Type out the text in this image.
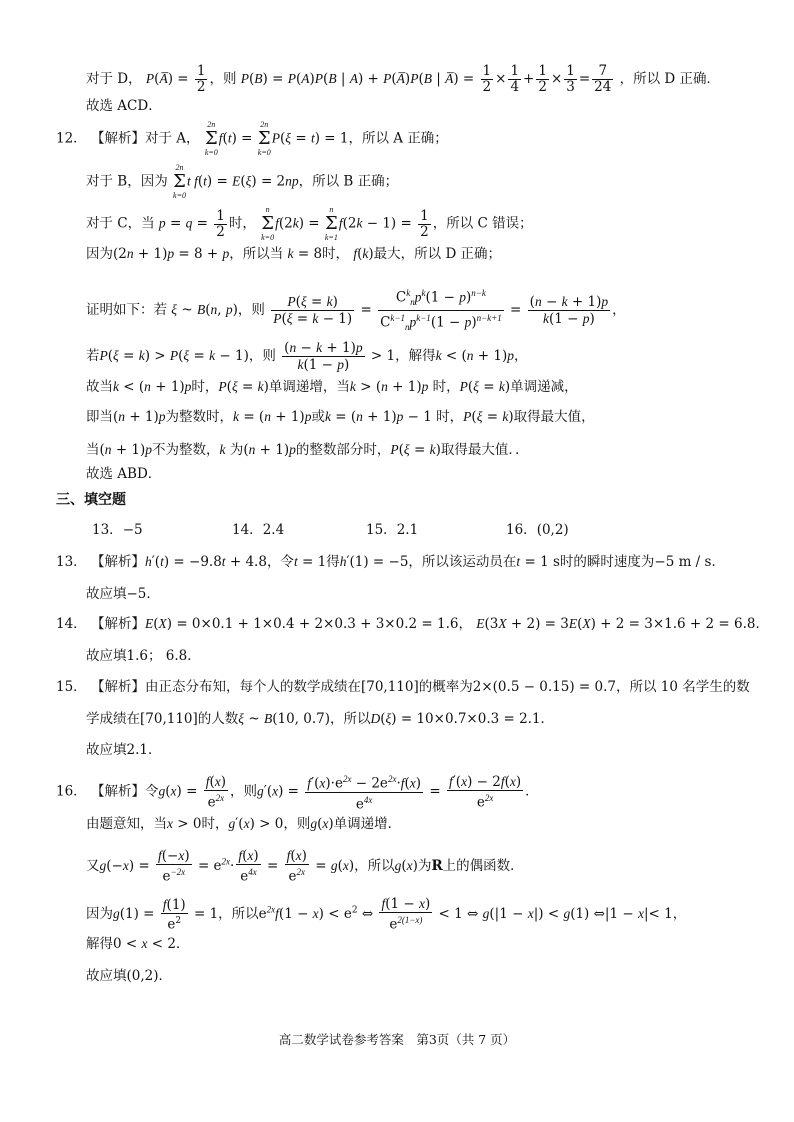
对于 D， P(A̅) = $\frac{1}{2}$ ，则 P(B) = P(A)P(B | A) + P(A̅)P(B | A̅) = $\frac{1}{2} \times \frac{1}{4} + \frac{1}{2} \times \frac{1}{3} = \frac{7}{24}$ ，所以 D 正确．
故选 ACD．
12． 【解析】对于 A，
2n
Σ
k=0
f(t) =
2n
Σ
k=0
P(ξ = t) = 1，所以 A 正确；
对于 B，因为
2n
Σ
k=0
t f(t) = E(ξ) = 2np，所以 B 正确；
对于 C，当 $p = q = \frac{1}{2}$ 时，
n
Σ
k=0
f(2k) =
n
Σ
k=1
$f(2k - 1) = \frac{1}{2}$ ，所以 C 错误；
因为(2n + 1)p = 8 + p，所以当 k = 8时， f(k)最大，所以 D 正确；
证明如下：若 ξ ~ B(n, p)，则 $\frac{P(\xi = k)}{P(\xi = k - 1)} = \frac{C^k_np^k(1 - p)^{n-k}}{C^{k-1}_np^{k-1}(1 - p)^{n-k+1}} = \frac{(n - k + 1)p}{k(1 - p)}$ ，
若P(ξ = k) > P(ξ = k − 1)，则 $\frac{(n - k + 1)p}{k(1 - p)} > 1$，解得k < (n + 1)p，
故当k < (n + 1)p时，P(ξ = k)单调递增，当k > (n + 1)p 时，P(ξ = k)单调递减，
即当(n + 1)p为整数时，k = (n + 1)p或k = (n + 1)p − 1 时，P(ξ = k)取得最大值，
当(n + 1)p不为整数，k 为(n + 1)p的整数部分时，P(ξ = k)取得最大值．．
故选 ABD．
三、填空题
13．−5	14．2.4	15．2.1	16．(0,2)
13． 【解析】h′(t) = −9.8t + 4.8，令t = 1得h′(1) = −5，所以该运动员在t = 1 s时的瞬时速度为−5 m / s．
故应填−5．
14． 【解析】E(X) = 0×0.1 + 1×0.4 + 2×0.3 + 3×0.2 = 1.6， E(3X + 2) = 3E(X) + 2 = 3×1.6 + 2 = 6.8．
故应填1.6； 6.8．
15． 【解析】由正态分布知，每个人的数学成绩在[70,110]的概率为2×(0.5 − 0.15) = 0.7，所以 10 名学生的数
学成绩在[70,110]的人数ξ ~ B(10, 0.7)，所以D(ξ) = 10×0.7×0.3 = 2.1．
故应填2.1．
16． 【解析】令$g(x) = \frac{f(x)}{e^{2x}}$ ，则$g'(x) = \frac{f'(x)\cdot e^{2x} - 2e^{2x}\cdot f(x)}{e^{4x}} = \frac{f'(x) - 2f(x)}{e^{2x}}$ ．
由题意知，当x > 0时，g′(x) > 0，则g(x)单调递增．
又$g(-x) = \frac{f(-x)}{e^{-2x}} = e^{2x}\cdot \frac{f(x)}{e^{4x}} = \frac{f(x)}{e^{2x}} = g(x)$，所以g(x)为R上的偶函数．
因为$g(1) = \frac{f(1)}{e^2} = 1$，所以$e^{2x}f(1 - x) < e^2$ ⇔ $\frac{f(1 - x)}{e^{2(1-x)}} < 1$ ⇔ g(|1 − x|) < g(1) ⇔|1 − x|< 1，
解得0 < x < 2．
故应填(0,2)．
高二数学试卷参考答案　第3页（共 7 页）
